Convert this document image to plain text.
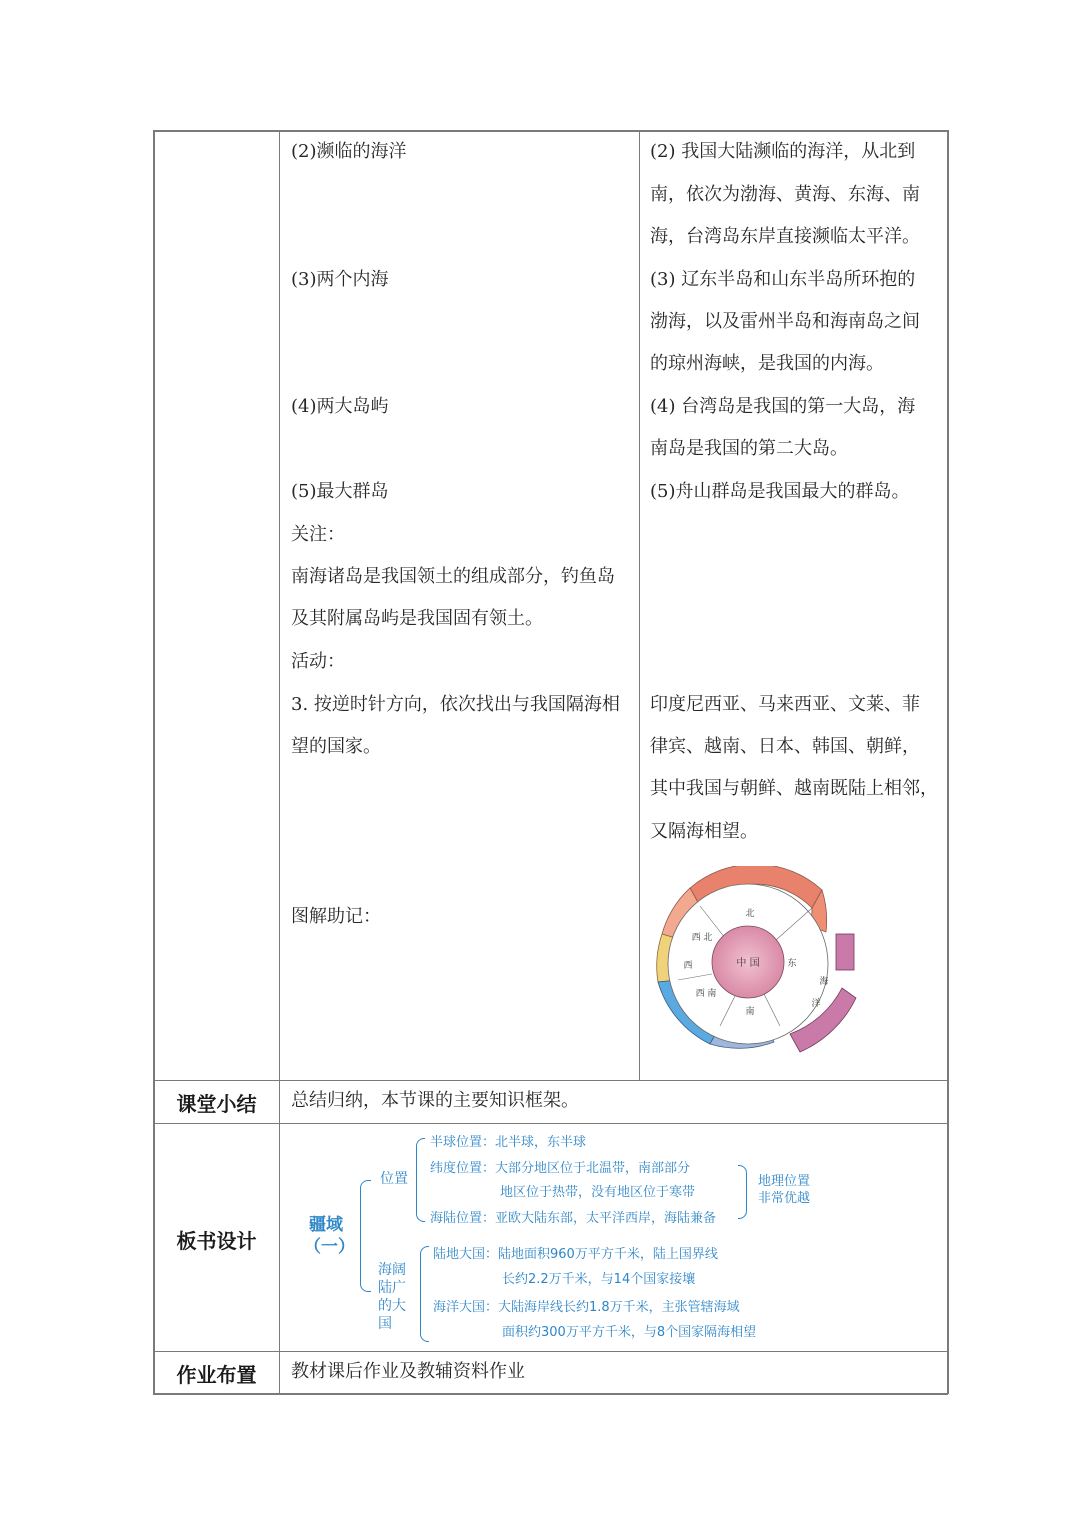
(2)濒临的海洋
(3)两个内海
(4)两大岛屿
(5)最大群岛
关注：
南海诸岛是我国领土的组成部分，钓鱼岛
及其附属岛屿是我国固有领土。
活动：
3. 按逆时针方向，依次找出与我国隔海相
望的国家。
图解助记：
(2) 我国大陆濒临的海洋，从北到
南，依次为渤海、黄海、东海、南
海，台湾岛东岸直接濒临太平洋。
(3) 辽东半岛和山东半岛所环抱的
渤海，以及雷州半岛和海南岛之间
的琼州海峡，是我国的内海。
(4) 台湾岛是我国的第一大岛，海
南岛是我国的第二大岛。
(5)舟山群岛是我国最大的群岛。
印度尼西亚、马来西亚、文莱、菲
律宾、越南、日本、韩国、朝鲜，
其中我国与朝鲜、越南既陆上相邻，
又隔海相望。
中 国
北
西 北
西
西 南
南
东
海
洋
课堂小结	总结归纳，本节课的主要知识框架。
板书设计
疆域
（一）
位置
半球位置：北半球，东半球
纬度位置：大部分地区位于北温带，南部部分
地区位于热带，没有地区位于寒带
海陆位置：亚欧大陆东部，太平洋西岸，海陆兼备
地理位置
非常优越
海阔
陆广
的大
国
陆地大国：陆地面积960万平方千米，陆上国界线
长约2.2万千米，与14个国家接壤
海洋大国：大陆海岸线长约1.8万千米，主张管辖海域
面积约300万平方千米，与8个国家隔海相望
作业布置	教材课后作业及教辅资料作业
